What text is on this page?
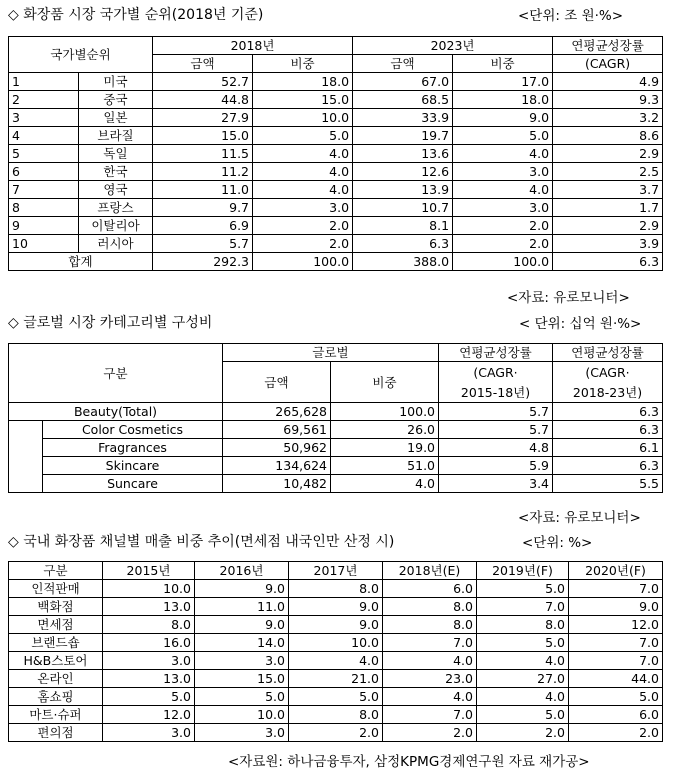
◇ 화장품 시장 국가별 순위(2018년 기준)	<단위: 조 원·%>
국가별순위		2018년		2023년		연평균성장률
		금액	비중	금액	비중	(CAGR)
1	미국	52.7	18.0	67.0	17.0	4.9
2	중국	44.8	15.0	68.5	18.0	9.3
3	일본	27.9	10.0	33.9	9.0	3.2
4	브라질	15.0	5.0	19.7	5.0	8.6
5	독일	11.5	4.0	13.6	4.0	2.9
6	한국	11.2	4.0	12.6	3.0	2.5
7	영국	11.0	4.0	13.9	4.0	3.7
8	프랑스	9.7	3.0	10.7	3.0	1.7
9	이탈리아	6.9	2.0	8.1	2.0	2.9
10	러시아	5.7	2.0	6.3	2.0	3.9
합계		292.3	100.0	388.0	100.0	6.3
<자료: 유로모니터>
◇ 글로벌 시장 카테고리별 구성비	< 단위: 십억 원·%>
구분		글로벌		연평균성장률	연평균성장률
		금액	비중	(CAGR·	(CAGR·
				2015-18년)	2018-23년)
Beauty(Total)		265,628	100.0	5.7	6.3
	Color Cosmetics	69,561	26.0	5.7	6.3
	Fragrances	50,962	19.0	4.8	6.1
	Skincare	134,624	51.0	5.9	6.3
	Suncare	10,482	4.0	3.4	5.5
<자료: 유로모니터>
◇ 국내 화장품 채널별 매출 비중 추이(면세점 내국인만 산정 시)	<단위: %>
구분	2015년	2016년	2017년	2018년(E)	2019년(F)	2020년(F)
인적판매	10.0	9.0	8.0	6.0	5.0	7.0
백화점	13.0	11.0	9.0	8.0	7.0	9.0
면세점	8.0	9.0	9.0	8.0	8.0	12.0
브랜드숍	16.0	14.0	10.0	7.0	5.0	7.0
H&B스토어	3.0	3.0	4.0	4.0	4.0	7.0
온라인	13.0	15.0	21.0	23.0	27.0	44.0
홈쇼핑	5.0	5.0	5.0	4.0	4.0	5.0
마트·슈퍼	12.0	10.0	8.0	7.0	5.0	6.0
편의점	3.0	3.0	2.0	2.0	2.0	2.0
<자료원: 하나금융투자, 삼정KPMG경제연구원 자료 재가공>
